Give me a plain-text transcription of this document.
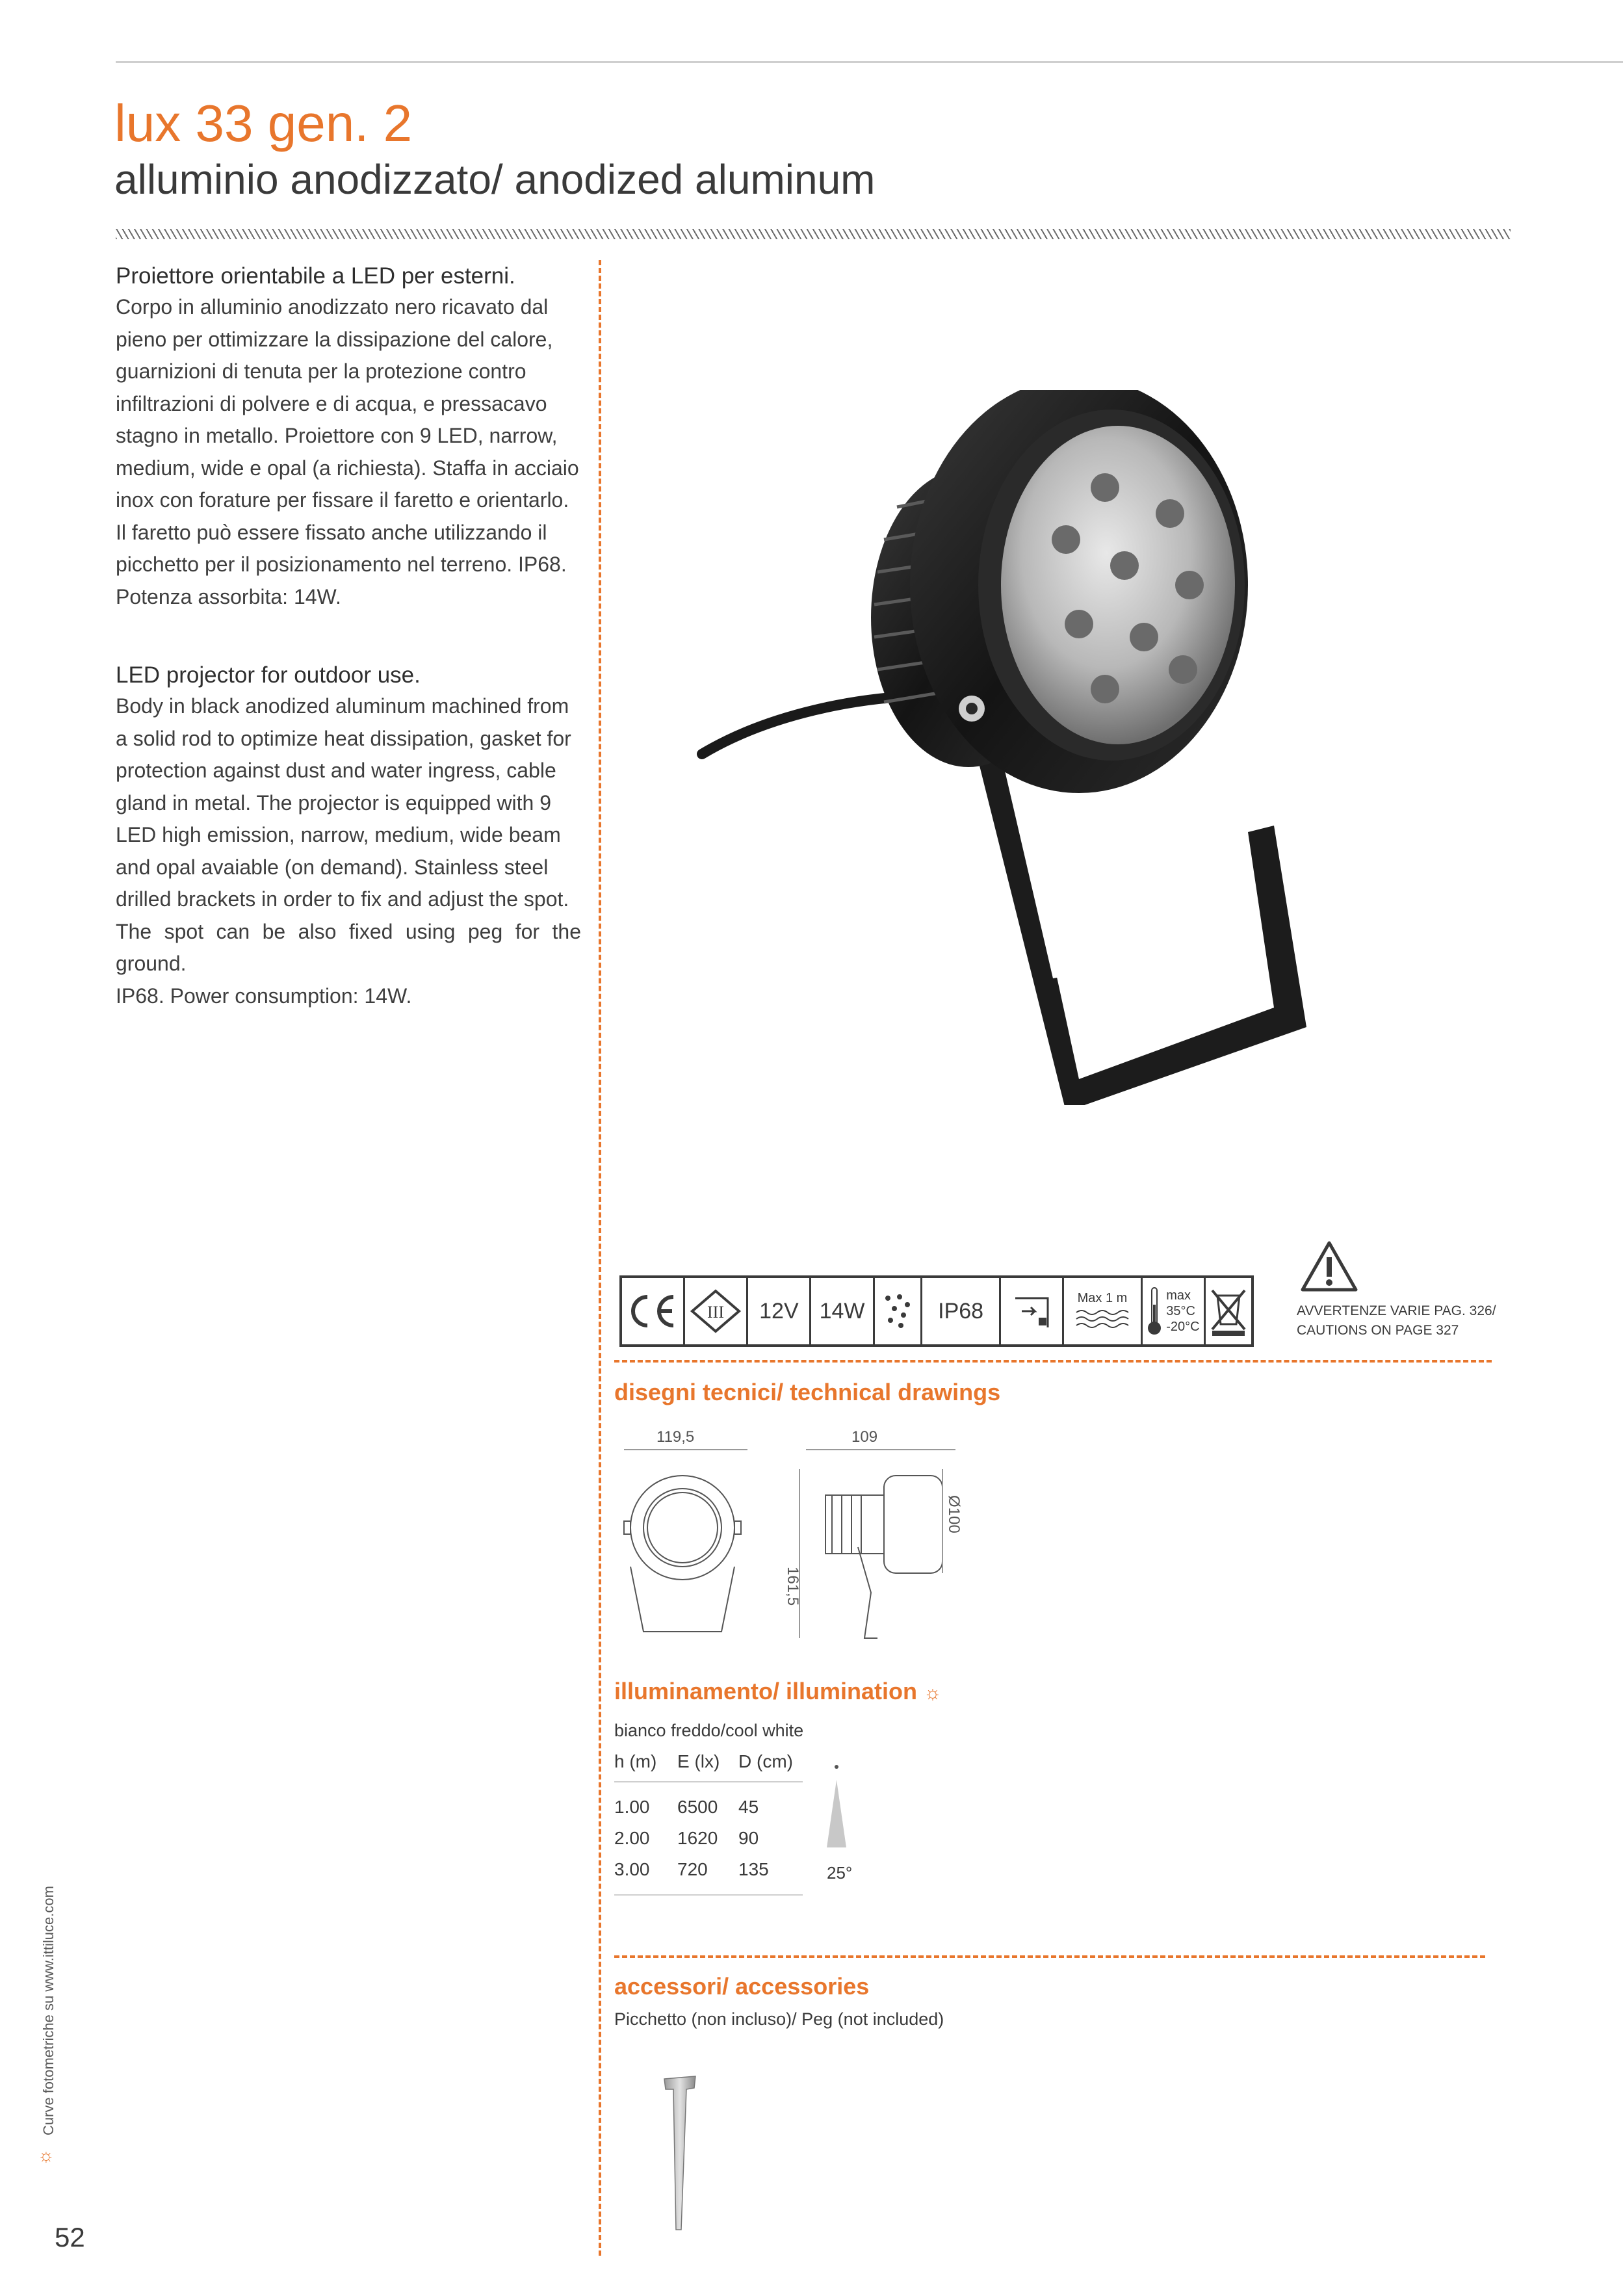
lux 33 gen. 2
alluminio anodizzato/ anodized aluminum
Proiettore orientabile a LED per esterni.
Corpo in alluminio anodizzato nero ricavato dal
pieno per ottimizzare la dissipazione del calore,
guarnizioni di tenuta per la protezione contro
infiltrazioni di polvere e di acqua, e pressacavo
stagno in metallo. Proiettore con 9 LED, narrow,
medium, wide e opal (a richiesta). Staffa in acciaio
inox con forature per fissare il faretto e orientarlo.
Il faretto può essere fissato anche utilizzando il
picchetto per il posizionamento nel terreno. IP68.
Potenza assorbita: 14W.
LED projector for outdoor use.
Body in black anodized aluminum machined from
a solid rod to optimize heat dissipation, gasket for
protection against dust and water ingress, cable
gland in metal. The projector is equipped with 9
LED high emission, narrow, medium, wide beam
and opal avaiable (on demand). Stainless steel
drilled brackets in order to fix and adjust the spot.
The spot can be also fixed using peg for the ground.
IP68. Power consumption: 14W.
III	12V 14W	IP68
Max 1 m	max
35°C
-20°C
AVVERTENZE VARIE PAG. 326/
CAUTIONS ON PAGE 327
disegni tecnici/ technical drawings
119,5	109
161,5
Ø100
illuminamento/ illumination ☼
bianco freddo/cool white
h (m) E (lx) D (cm)
1.00 6500 45
2.00 1620 90
3.00 720 135	25°
accessori/ accessories
Picchetto (non incluso)/ Peg (not included)
☼
Curve fotometriche su www.ittiluce.com
52
